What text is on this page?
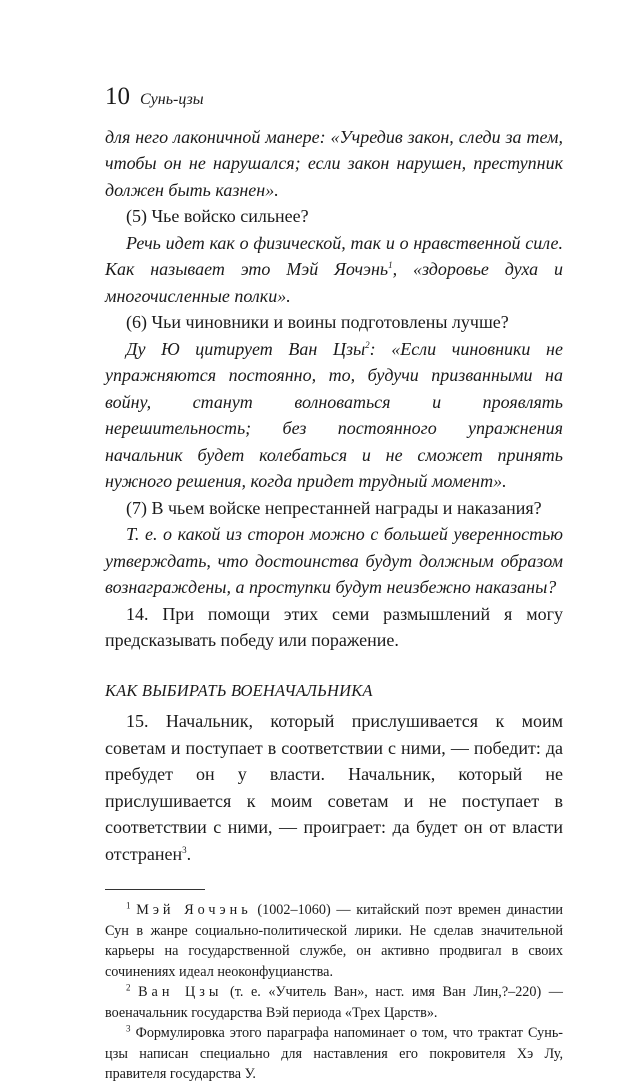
10 Сунь-цзы

для него лаконичной манере: «Учредив закон, следи за тем, чтобы он не нарушался; если закон нарушен, преступник должен быть казнен».

(5) Чье войско сильнее?

Речь идет как о физической, так и о нравственной силе. Как называет это Мэй Яочэнь$^1$, «здоровье духа и многочисленные полки».

(6) Чьи чиновники и воины подготовлены лучше?

Ду Ю цитирует Ван Цзы$^2$: «Если чиновники не упражняются постоянно, то, будучи призванными на войну, станут волноваться и проявлять нерешительность; без постоянного упражнения начальник будет колебаться и не сможет принять нужного решения, когда придет трудный момент».

(7) В чьем войске непрестанней награды и наказания?

Т. е. о какой из сторон можно с большей уверенностью утверждать, что достоинства будут должным образом вознаграждены, а проступки будут неизбежно наказаны?

14. При помощи этих семи размышлений я могу предсказывать победу или поражение.

КАК ВЫБИРАТЬ ВОЕНАЧАЛЬНИКА

15. Начальник, который прислушивается к моим советам и поступает в соответствии с ними, — победит: да пребудет он у власти. Начальник, который не прислушивается к моим советам и не поступает в соответствии с ними, — проиграет: да будет он от власти отстранен$^3$.

$^1$ Мэй Яочэнь (1002–1060) — китайский поэт времен династии Сун в жанре социально-политической лирики. Не сделав значительной карьеры на государственной службе, он активно продвигал в своих сочинениях идеал неоконфуцианства.

$^2$ Ван Цзы (т. е. «Учитель Ван», наст. имя Ван Лин,?–220) — военачальник государства Вэй периода «Трех Царств».

$^3$ Формулировка этого параграфа напоминает о том, что трактат Сунь-цзы написан специально для наставления его покровителя Хэ Лу, правителя государства У.
